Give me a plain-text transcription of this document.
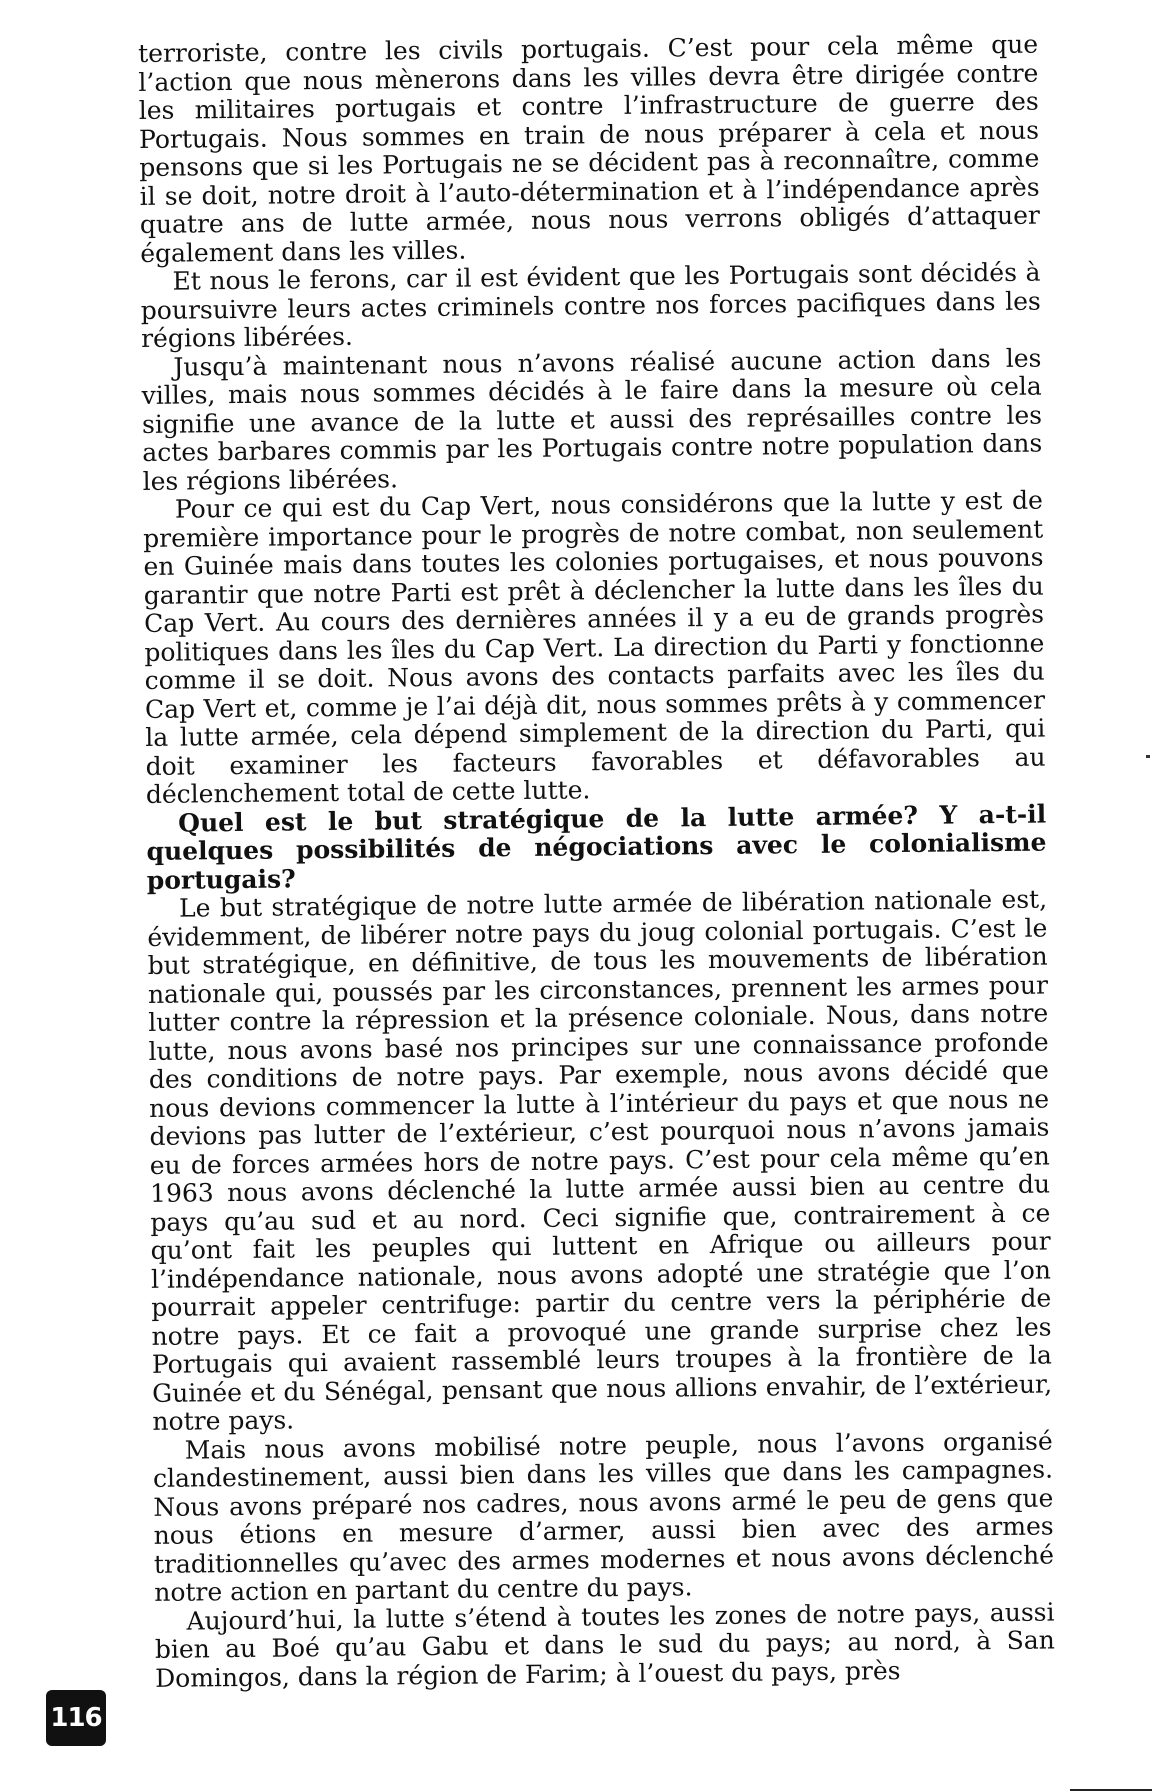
terroriste, contre les civils portugais. C’est pour cela même que l’action que nous mènerons dans les villes devra être dirigée contre les militaires portugais et contre l’infrastructure de guerre des Portugais. Nous sommes en train de nous préparer à cela et nous pensons que si les Portugais ne se décident pas à reconnaître, comme il se doit, notre droit à l’auto-détermination et à l’indépendance après quatre ans de lutte armée, nous nous verrons obligés d’attaquer également dans les villes.

Et nous le ferons, car il est évident que les Portugais sont décidés à poursuivre leurs actes criminels contre nos forces pacifiques dans les régions libérées.

Jusqu’à maintenant nous n’avons réalisé aucune action dans les villes, mais nous sommes décidés à le faire dans la mesure où cela signifie une avance de la lutte et aussi des représailles contre les actes barbares commis par les Portugais contre notre population dans les régions libérées.

Pour ce qui est du Cap Vert, nous considérons que la lutte y est de première importance pour le progrès de notre combat, non seulement en Guinée mais dans toutes les colonies portugaises, et nous pouvons garantir que notre Parti est prêt à déclencher la lutte dans les îles du Cap Vert. Au cours des dernières années il y a eu de grands progrès politiques dans les îles du Cap Vert. La direction du Parti y fonctionne comme il se doit. Nous avons des contacts parfaits avec les îles du Cap Vert et, comme je l’ai déjà dit, nous sommes prêts à y commencer la lutte armée, cela dépend simplement de la direction du Parti, qui doit examiner les facteurs favorables et défavorables au déclenchement total de cette lutte.

Quel est le but stratégique de la lutte armée? Y a-t-il quelques possibilités de négociations avec le colonialisme portugais?

Le but stratégique de notre lutte armée de libération nationale est, évidemment, de libérer notre pays du joug colonial portugais. C’est le but stratégique, en définitive, de tous les mouvements de libération nationale qui, poussés par les circonstances, prennent les armes pour lutter contre la répression et la présence coloniale. Nous, dans notre lutte, nous avons basé nos principes sur une connaissance profonde des conditions de notre pays. Par exemple, nous avons décidé que nous devions commencer la lutte à l’intérieur du pays et que nous ne devions pas lutter de l’extérieur, c’est pourquoi nous n’avons jamais eu de forces armées hors de notre pays. C’est pour cela même qu’en 1963 nous avons déclenché la lutte armée aussi bien au centre du pays qu’au sud et au nord. Ceci signifie que, contrairement à ce qu’ont fait les peuples qui luttent en Afrique ou ailleurs pour l’indépendance nationale, nous avons adopté une stratégie que l’on pourrait appeler centrifuge: partir du centre vers la périphérie de notre pays. Et ce fait a provoqué une grande surprise chez les Portugais qui avaient rassemblé leurs troupes à la frontière de la Guinée et du Sénégal, pensant que nous allions envahir, de l’extérieur, notre pays.

Mais nous avons mobilisé notre peuple, nous l’avons organisé clandestinement, aussi bien dans les villes que dans les campagnes. Nous avons préparé nos cadres, nous avons armé le peu de gens que nous étions en mesure d’armer, aussi bien avec des armes traditionnelles qu’avec des armes modernes et nous avons déclenché notre action en partant du centre du pays.

Aujourd’hui, la lutte s’étend à toutes les zones de notre pays, aussi bien au Boé qu’au Gabu et dans le sud du pays; au nord, à San Domingos, dans la région de Farim; à l’ouest du pays, près

116
